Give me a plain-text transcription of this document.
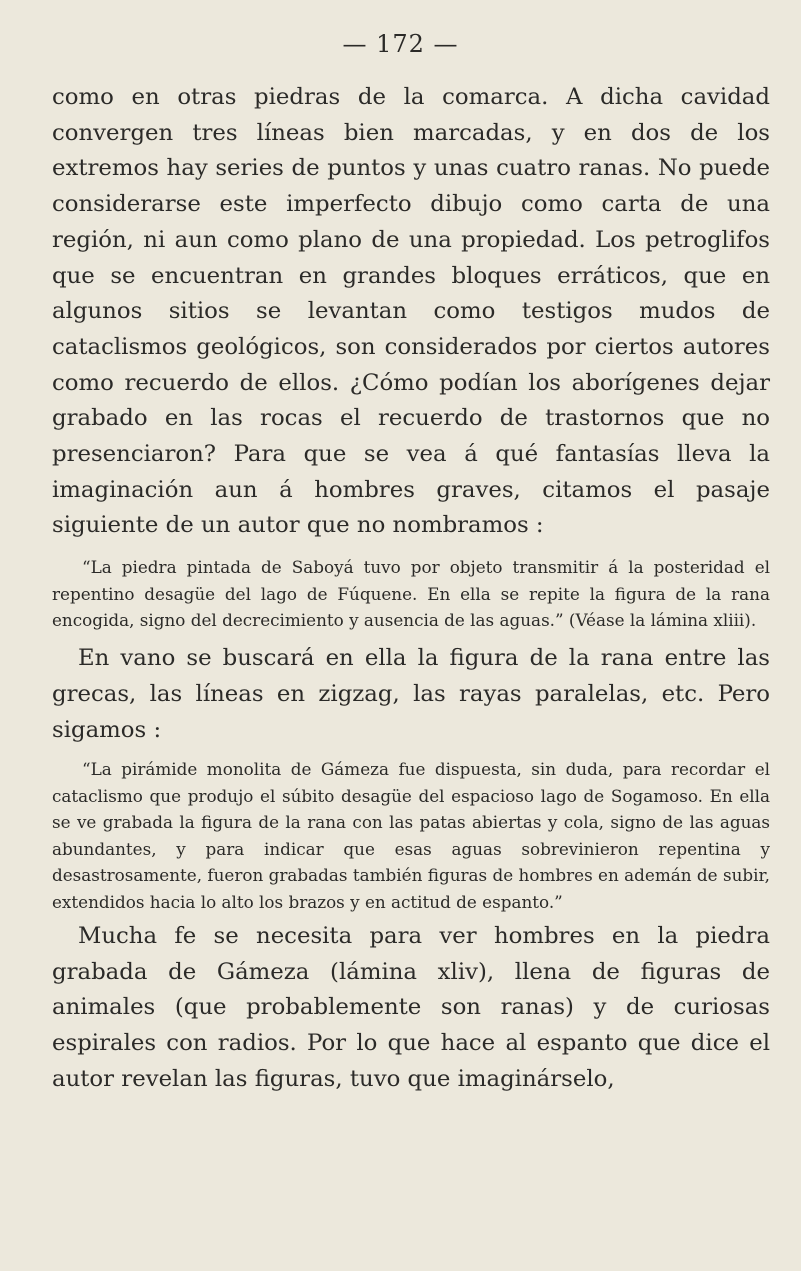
— 172 —

como en otras piedras de la comarca. A dicha cavidad convergen tres líneas bien marcadas, y en dos de los extremos hay series de puntos y unas cuatro ranas. No puede considerarse este imperfecto dibujo como carta de una región, ni aun como plano de una propiedad. Los petroglifos que se encuentran en grandes bloques erráticos, que en algunos sitios se levantan como testigos mudos de cataclismos geológicos, son considerados por ciertos autores como recuerdo de ellos. ¿Cómo podían los aborígenes dejar grabado en las rocas el recuerdo de trastornos que no presenciaron? Para que se vea á qué fantasías lleva la imaginación aun á hombres graves, citamos el pasaje siguiente de un autor que no nombramos :

“La piedra pintada de Saboyá tuvo por objeto transmitir á la posteridad el repentino desagüe del lago de Fúquene. En ella se repite la figura de la rana encogida, signo del decrecimiento y ausencia de las aguas.” (Véase la lámina xliii).

En vano se buscará en ella la figura de la rana entre las grecas, las líneas en zigzag, las rayas paralelas, etc. Pero sigamos :

“La pirámide monolita de Gámeza fue dispuesta, sin duda, para recordar el cataclismo que produjo el súbito desagüe del espacioso lago de Sogamoso. En ella se ve grabada la figura de la rana con las patas abiertas y cola, signo de las aguas abundantes, y para indicar que esas aguas sobrevinieron repentina y desastrosamente, fueron grabadas también figuras de hombres en ademán de subir, extendidos hacia lo alto los brazos y en actitud de espanto.”

Mucha fe se necesita para ver hombres en la piedra grabada de Gámeza (lámina xliv), llena de figuras de animales (que probablemente son ranas) y de curiosas espirales con radios. Por lo que hace al espanto que dice el autor revelan las figuras, tuvo que imaginárselo,
